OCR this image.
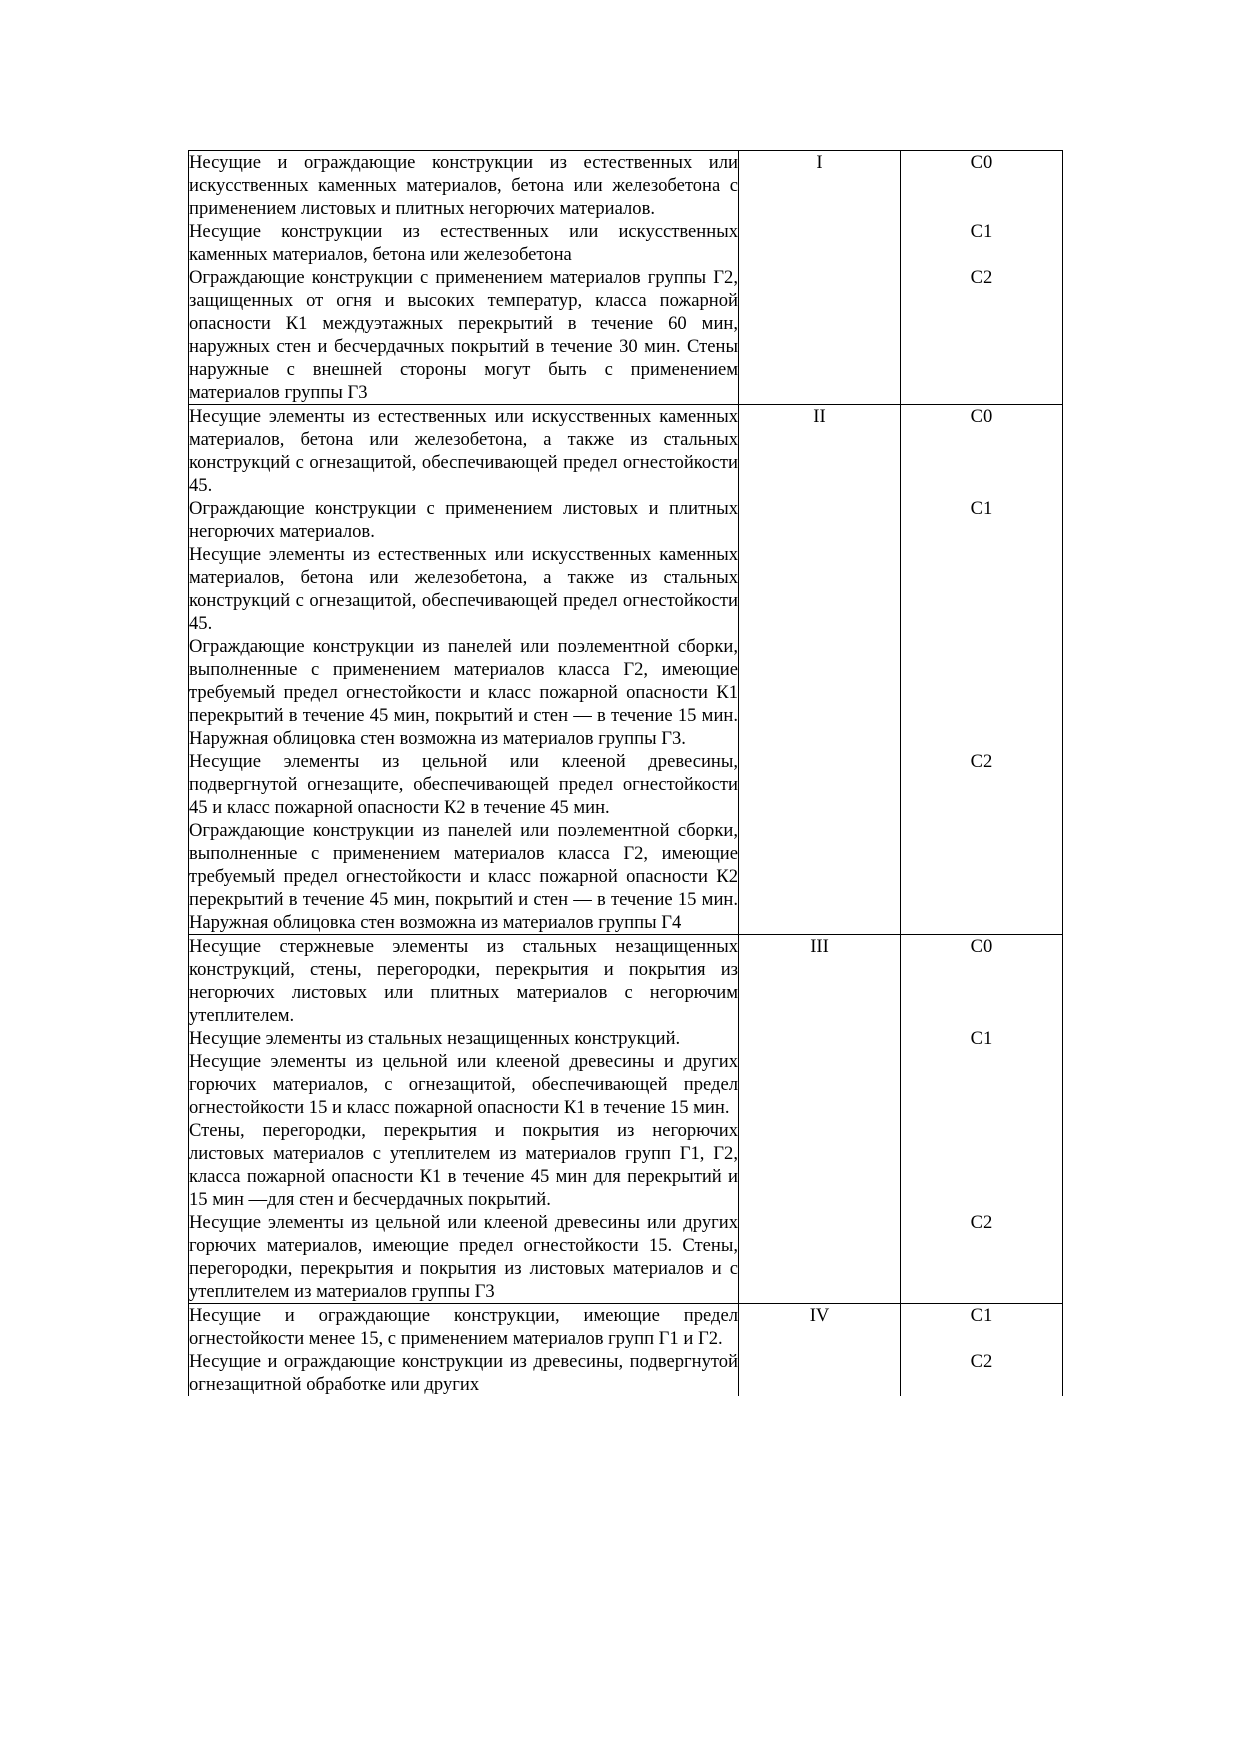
Несущие и ограждающие конструкции из естественных или искусственных каменных материалов, бетона или железобетона с применением листовых и плитных негорючих материалов.	I	С0
Несущие конструкции из естественных или искусственных каменных материалов, бетона или железобетона		С1
Ограждающие конструкции с применением материалов группы Г2, защищенных от огня и высоких температур, класса пожарной опасности К1 междуэтажных перекрытий в течение 60 мин, наружных стен и бесчердачных покрытий в течение 30 мин. Стены наружные с внешней стороны могут быть с применением материалов группы Г3		С2
Несущие элементы из естественных или искусственных каменных материалов, бетона или железобетона, а также из стальных конструкций с огнезащитой, обеспечивающей предел огнестойкости 45.	II	С0
Ограждающие конструкции с применением листовых и плитных негорючих материалов.		С1
Несущие элементы из естественных или искусственных каменных материалов, бетона или железобетона, а также из стальных конструкций с огнезащитой, обеспечивающей предел огнестойкости 45.		
Ограждающие конструкции из панелей или поэлементной сборки, выполненные с применением материалов класса Г2, имеющие требуемый предел огнестойкости и класс пожарной опасности К1 перекрытий в течение 45 мин, покрытий и стен — в течение 15 мин. Наружная облицовка стен возможна из материалов группы Г3.		
Несущие элементы из цельной или клееной древесины, подвергнутой огнезащите, обеспечивающей предел огнестойкости 45 и класс пожарной опасности К2 в течение 45 мин.		С2
Ограждающие конструкции из панелей или поэлементной сборки, выполненные с применением материалов класса Г2, имеющие требуемый предел огнестойкости и класс пожарной опасности К2 перекрытий в течение 45 мин, покрытий и стен — в течение 15 мин. Наружная облицовка стен возможна из материалов группы Г4		
Несущие стержневые элементы из стальных незащищенных конструкций, стены, перегородки, перекрытия и покрытия из негорючих листовых или плитных материалов с негорючим утеплителем.	III	С0
Несущие элементы из стальных незащищенных конструкций.		С1
Несущие элементы из цельной или клееной древесины и других горючих материалов, с огнезащитой, обеспечивающей предел огнестойкости 15 и класс пожарной опасности К1 в течение 15 мин.		
Стены, перегородки, перекрытия и покрытия из негорючих листовых материалов с утеплителем из материалов групп Г1, Г2, класса пожарной опасности К1 в течение 45 мин для перекрытий и 15 мин —для стен и бесчердачных покрытий.		
Несущие элементы из цельной или клееной древесины или других горючих материалов, имеющие предел огнестойкости 15. Стены, перегородки, перекрытия и покрытия из листовых материалов и с утеплителем из материалов группы Г3		С2
Несущие и ограждающие конструкции, имеющие предел огнестойкости менее 15, с применением материалов групп Г1 и Г2.	IV	С1
Несущие и ограждающие конструкции из древесины, подвергнутой огнезащитной обработке или других		С2
